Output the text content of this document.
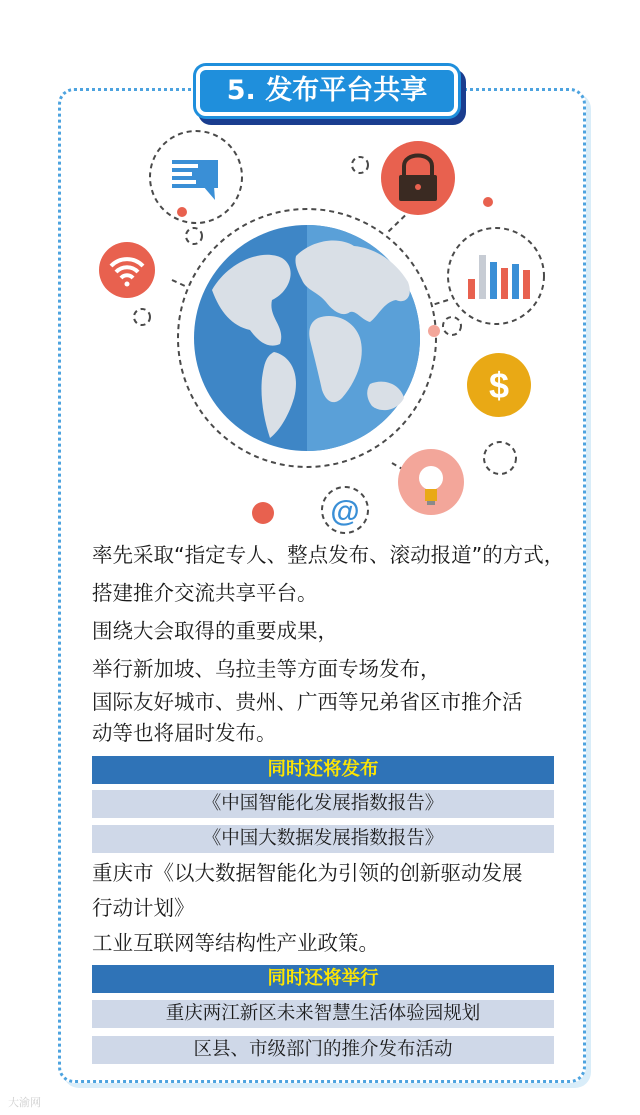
5. 发布平台共享
$
@
率先采取“指定专人、整点发布、滚动报道”的方式，
搭建推介交流共享平台。
围绕大会取得的重要成果，
举行新加坡、乌拉圭等方面专场发布，
国际友好城市、贵州、广西等兄弟省区市推介活
动等也将届时发布。
同时还将发布
《中国智能化发展指数报告》
《中国大数据发展指数报告》
重庆市《以大数据智能化为引领的创新驱动发展
行动计划》
工业互联网等结构性产业政策。
同时还将举行
重庆两江新区未来智慧生活体验园规划
区县、市级部门的推介发布活动
大渝网
